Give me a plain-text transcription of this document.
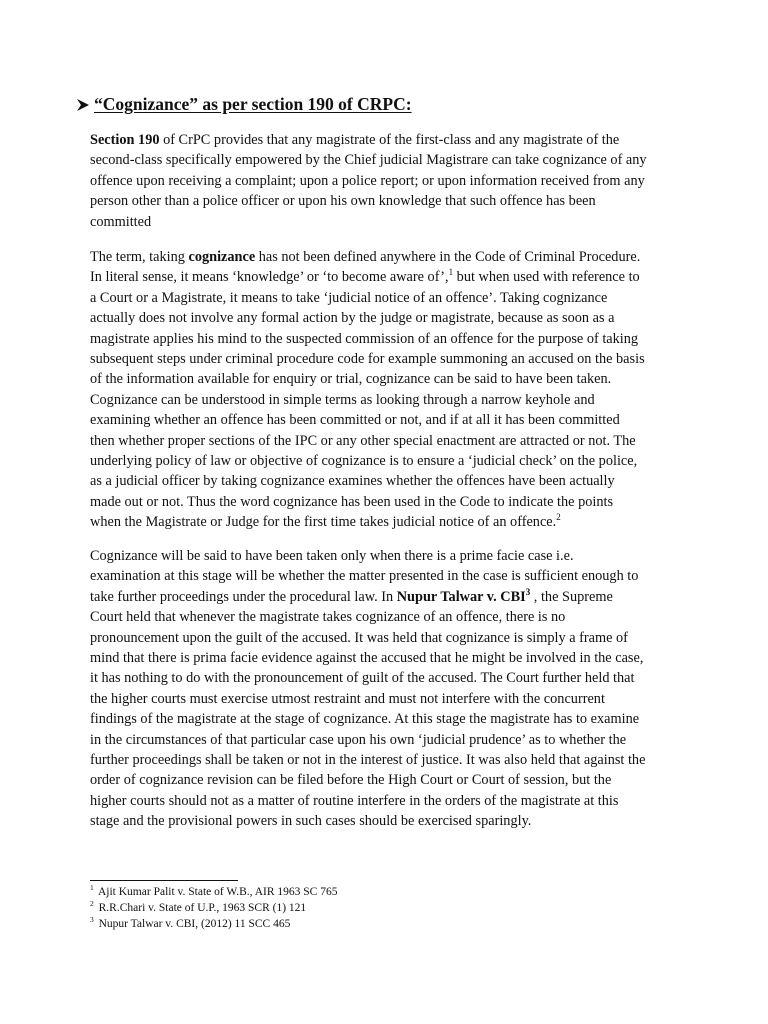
“Cognizance” as per section 190 of CRPC:
Section 190 of CrPC provides that any magistrate of the first-class and any magistrate of the
second-class specifically empowered by the Chief judicial Magistrare can take cognizance of any
offence upon receiving a complaint; upon a police report; or upon information received from any
person other than a police officer or upon his own knowledge that such offence has been
committed
The term, taking cognizance has not been defined anywhere in the Code of Criminal Procedure.
In literal sense, it means ‘knowledge’ or ‘to become aware of’,$^1$ but when used with reference to
a Court or a Magistrate, it means to take ‘judicial notice of an offence’. Taking cognizance
actually does not involve any formal action by the judge or magistrate, because as soon as a
magistrate applies his mind to the suspected commission of an offence for the purpose of taking
subsequent steps under criminal procedure code for example summoning an accused on the basis
of the information available for enquiry or trial, cognizance can be said to have been taken.
Cognizance can be understood in simple terms as looking through a narrow keyhole and
examining whether an offence has been committed or not, and if at all it has been committed
then whether proper sections of the IPC or any other special enactment are attracted or not. The
underlying policy of law or objective of cognizance is to ensure a ‘judicial check’ on the police,
as a judicial officer by taking cognizance examines whether the offences have been actually
made out or not. Thus the word cognizance has been used in the Code to indicate the points
when the Magistrate or Judge for the first time takes judicial notice of an offence.$^2$
Cognizance will be said to have been taken only when there is a prime facie case i.e.
examination at this stage will be whether the matter presented in the case is sufficient enough to
take further proceedings under the procedural law. In Nupur Talwar v. CBI$^3$ , the Supreme
Court held that whenever the magistrate takes cognizance of an offence, there is no
pronouncement upon the guilt of the accused. It was held that cognizance is simply a frame of
mind that there is prima facie evidence against the accused that he might be involved in the case,
it has nothing to do with the pronouncement of guilt of the accused. The Court further held that
the higher courts must exercise utmost restraint and must not interfere with the concurrent
findings of the magistrate at the stage of cognizance. At this stage the magistrate has to examine
in the circumstances of that particular case upon his own ‘judicial prudence’ as to whether the
further proceedings shall be taken or not in the interest of justice. It was also held that against the
order of cognizance revision can be filed before the High Court or Court of session, but the
higher courts should not as a matter of routine interfere in the orders of the magistrate at this
stage and the provisional powers in such cases should be exercised sparingly.
$^1$ Ajit Kumar Palit v. State of W.B., AIR 1963 SC 765
$^2$ R.R.Chari v. State of U.P., 1963 SCR (1) 121
$^3$ Nupur Talwar v. CBI, (2012) 11 SCC 465
